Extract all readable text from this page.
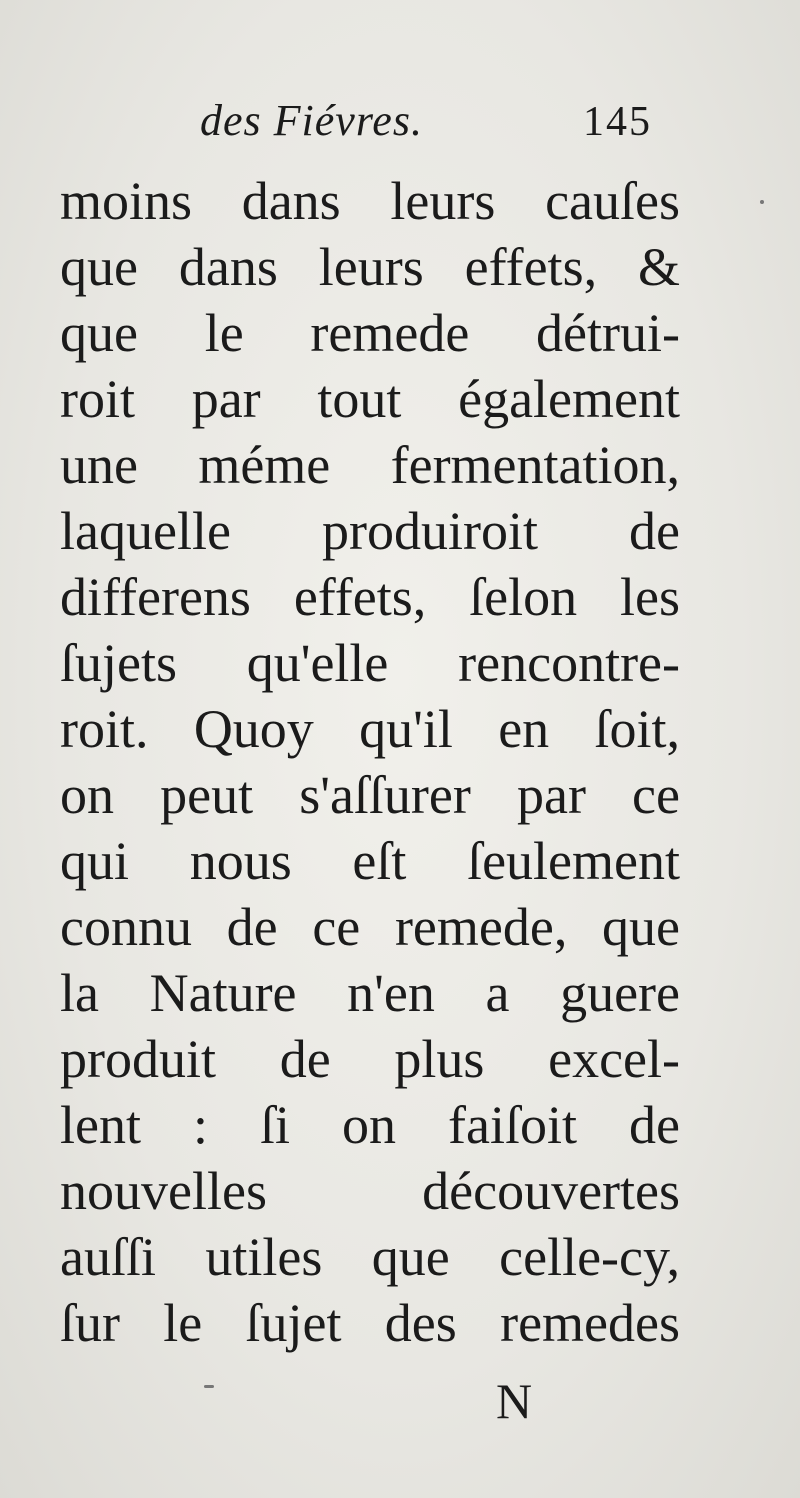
des Fiévres.	145
moins dans leurs cauſes
que dans leurs effets, &
que le remede détrui-
roit par tout également
une méme fermentation,
laquelle produiroit de
differens effets, ſelon les
ſujets qu'elle rencontre-
roit. Quoy qu'il en ſoit,
on peut s'aſſurer par ce
qui nous eſt ſeulement
connu de ce remede, que
la Nature n'en a guere
produit de plus excel-
lent : ſi on faiſoit de
nouvelles découvertes
auſſi utiles que celle-cy,
ſur le ſujet des remedes
N
